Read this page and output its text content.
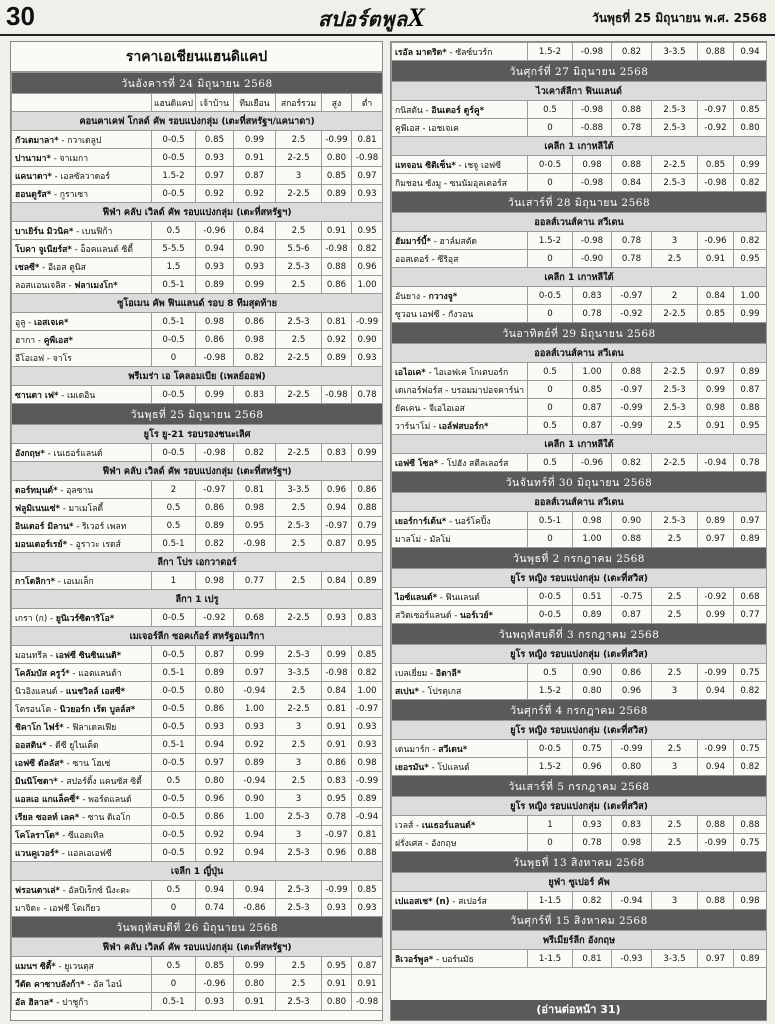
30	สปอร์ตพูลX	วันพุธที่ 25 มิถุนายน พ.ศ. 2568
ราคาเอเชียนแฮนดิแคป
วันอังคารที่ 24 มิถุนายน 2568						
	แฮนดิแคป	เจ้าบ้าน	ทีมเยือน	สกอร์รวม	สูง	ต่ำ
คอนคาเคฟ โกลด์ คัพ รอบแบ่งกลุ่ม (เตะที่สหรัฐฯ/แคนาดา)						
กัวเตมาลา* - กวาเดลูป	0-0.5	0.85	0.99	2.5	-0.99	0.81
ปานามา* - จาเมกา	0-0.5	0.93	0.91	2-2.5	0.80	-0.98
แคนาดา* - เอลซัลวาดอร์	1.5-2	0.97	0.87	3	0.85	0.97
ฮอนดูรัส* - กูราเซา	0-0.5	0.92	0.92	2-2.5	0.89	0.93
ฟีฟ่า คลับ เวิลด์ คัพ รอบแบ่งกลุ่ม (เตะที่สหรัฐฯ)						
บาเยิร์น มิวนิค* - เบนฟิก้า	0.5	-0.96	0.84	2.5	0.91	0.95
โบคา จูเนียร์ส* - อ็อคแลนด์ ซิตี้	5-5.5	0.94	0.90	5.5-6	-0.98	0.82
เชลซี* - อีเอส ตูนิส	1.5	0.93	0.93	2.5-3	0.88	0.96
ลอสแอนเจลิส - ฟลาเมงโก*	0.5-1	0.89	0.99	2.5	0.86	1.00
ซูโอเมน คัพ ฟินแลนด์ รอบ 8 ทีมสุดท้าย						
อูลู - เอสเจเค*	0.5-1	0.98	0.86	2.5-3	0.81	-0.99
ฮากา - คูพีเอส*	0-0.5	0.86	0.98	2.5	0.92	0.90
อีโอเอฟ - จาโร	0	-0.98	0.82	2-2.5	0.89	0.93
พรีเมร่า เอ โคลอมเบีย (เพลย์ออฟ)						
ซานตา เฟ* - เมเดอิน	0-0.5	0.99	0.83	2-2.5	-0.98	0.78
วันพุธที่ 25 มิถุนายน 2568						
ยูโร ยู-21 รอบรองชนะเลิศ						
อังกฤษ* - เนเธอร์แลนด์	0-0.5	-0.98	0.82	2-2.5	0.83	0.99
ฟีฟ่า คลับ เวิลด์ คัพ รอบแบ่งกลุ่ม (เตะที่สหรัฐฯ)						
ดอร์ทมุนด์* - อุลซาน	2	-0.97	0.81	3-3.5	0.96	0.86
ฟลูมิเนนเซ่* - มาเมโลดี้	0.5	0.86	0.98	2.5	0.94	0.88
อินเตอร์ มิลาน* - ริเวอร์ เพลท	0.5	0.89	0.95	2.5-3	-0.97	0.79
มอนเตอร์เรย์* - อูราวะ เรดส์	0.5-1	0.82	-0.98	2.5	0.87	0.95
ลีกา โปร เอกวาดอร์						
กาโตลิกา* - เอเมเล็ก	1	0.98	0.77	2.5	0.84	0.89
ลีกา 1 เปรู						
เกรา (ก) - ยูนิเวร์ซิตาริโอ*	0-0.5	-0.92	0.68	2-2.5	0.93	0.83
เมเจอร์ลีก ซอคเก้อร์ สหรัฐอเมริกา						
มอนทรีล - เอฟซี ซินซินเนติ*	0-0.5	0.87	0.99	2.5-3	0.99	0.85
โคลัมบัส ครูว์* - แอตแลนต้า	0.5-1	0.89	0.97	3-3.5	-0.98	0.82
นิวอิงแลนด์ - แนชวิลล์ เอสซี*	0-0.5	0.80	-0.94	2.5	0.84	1.00
โตรอนโต - นิวยอร์ก เร้ด บูลล์ส*	0-0.5	0.86	1.00	2-2.5	0.81	-0.97
ชิคาโก ไฟร์* - ฟิลาเดลเฟีย	0-0.5	0.93	0.93	3	0.91	0.93
ออสติน* - ดีซี ยูไนเต็ด	0.5-1	0.94	0.92	2.5	0.91	0.93
เอฟซี ดัลลัส* - ซาน โฮเซ่	0-0.5	0.97	0.89	3	0.86	0.98
มินนิโซตา* - สปอร์ติ้ง แคนซัส ซิตี้	0.5	0.80	-0.94	2.5	0.83	-0.99
แอลเอ แกแล็คซี่* - พอร์ตแลนด์	0-0.5	0.96	0.90	3	0.95	0.89
เรียล ซอลท์ เลค* - ซาน ดิเอโก	0-0.5	0.86	1.00	2.5-3	0.78	-0.94
โคโลราโด* - ซีแอตเทิล	0-0.5	0.92	0.94	3	-0.97	0.81
แวนคูเวอร์* - แอลเอเอฟซี	0-0.5	0.92	0.94	2.5-3	0.96	0.88
เจลีก 1 ญี่ปุ่น						
ฟรอนตาเล่* - อัลบิเร็กซ์ นีงะตะ	0.5	0.94	0.94	2.5-3	-0.99	0.85
มาจิดะ - เอฟซี โตเกียว	0	0.74	-0.86	2.5-3	0.93	0.93
วันพฤหัสบดีที่ 26 มิถุนายน 2568						
ฟีฟ่า คลับ เวิลด์ คัพ รอบแบ่งกลุ่ม (เตะที่สหรัฐฯ)						
แมนฯ ซิตี้* - ยูเวนตุส	0.5	0.85	0.99	2.5	0.95	0.87
วีดัด คาซาบลังก้า* - อัล ไอน์	0	-0.96	0.80	2.5	0.91	0.91
อัล ฮิลาล* - ปาชูก้า	0.5-1	0.93	0.91	2.5-3	0.80	-0.98
เรอัล มาดริด* - ซัลซ์บวร์ก	1.5-2	-0.98	0.82	3-3.5	0.88	0.94
วันศุกร์ที่ 27 มิถุนายน 2568						
ไวเคาส์ลีกา ฟินแลนด์						
กนิสตัน - อินเตอร์ ตูร์คู*	0.5	-0.98	0.88	2.5-3	-0.97	0.85
คูพีเอส - เอชเจเค	0	-0.88	0.78	2.5-3	-0.92	0.80
เคลีก 1 เกาหลีใต้						
แทจอน ซิติเซ็น* - เชจู เอฟซี	0-0.5	0.98	0.88	2-2.5	0.85	0.99
กิมชอน ซังมู - ซนนัมอุลเตอร์ส	0	-0.98	0.84	2.5-3	-0.98	0.82
วันเสาร์ที่ 28 มิถุนายน 2568						
ออลส์เวนส์คาน สวีเดน						
ฮัมมาร์บี้* - ฮาล์มสตัด	1.5-2	-0.98	0.78	3	-0.96	0.82
ออสเตอร์ - ซีริอุส	0	-0.90	0.78	2.5	0.91	0.95
เคลีก 1 เกาหลีใต้						
อันยาง - กวางจู*	0-0.5	0.83	-0.97	2	0.84	1.00
ซูวอน เอฟซี - กังวอน	0	0.78	-0.92	2-2.5	0.85	0.99
วันอาทิตย์ที่ 29 มิถุนายน 2568						
ออลส์เวนส์คาน สวีเดน						
เอไอเค* - ไอเอฟเค โกเตบอร์ก	0.5	1.00	0.88	2-2.5	0.97	0.89
เดเกอร์ฟอร์ส - บรอมมาปอจคาร์น่า	0	0.85	-0.97	2.5-3	0.99	0.87
ยัคเคน - จีเอไอเอส	0	0.87	-0.99	2.5-3	0.98	0.88
วาร์นาโม่ - เอล์ฟสบอร์ก*	0.5	0.87	-0.99	2.5	0.91	0.95
เคลีก 1 เกาหลีใต้						
เอฟซี โซล* - โปฮัง สตีลเลอร์ส	0.5	-0.96	0.82	2-2.5	-0.94	0.78
วันจันทร์ที่ 30 มิถุนายน 2568						
ออลส์เวนส์คาน สวีเดน						
เยอร์การ์เด้น* - นอร์โคปิ้ง	0.5-1	0.98	0.90	2.5-3	0.89	0.97
มาลโม่ - มัลโม่	0	1.00	0.88	2.5	0.97	0.89
วันพุธที่ 2 กรกฎาคม 2568						
ยูโร หญิง รอบแบ่งกลุ่ม (เตะที่สวิส)						
ไอซ์แลนด์* - ฟินแลนด์	0-0.5	0.51	-0.75	2.5	-0.92	0.68
สวิตเซอร์แลนด์ - นอร์เวย์*	0-0.5	0.89	0.87	2.5	0.99	0.77
วันพฤหัสบดีที่ 3 กรกฎาคม 2568						
ยูโร หญิง รอบแบ่งกลุ่ม (เตะที่สวิส)						
เบลเยี่ยม - อิตาลี*	0.5	0.90	0.86	2.5	-0.99	0.75
สเปน* - โปรตุเกส	1.5-2	0.80	0.96	3	0.94	0.82
วันศุกร์ที่ 4 กรกฎาคม 2568						
ยูโร หญิง รอบแบ่งกลุ่ม (เตะที่สวิส)						
เดนมาร์ก - สวีเดน*	0-0.5	0.75	-0.99	2.5	-0.99	0.75
เยอรมัน* - โปแลนด์	1.5-2	0.96	0.80	3	0.94	0.82
วันเสาร์ที่ 5 กรกฎาคม 2568						
ยูโร หญิง รอบแบ่งกลุ่ม (เตะที่สวิส)						
เวลส์ - เนเธอร์แลนด์*	1	0.93	0.83	2.5	0.88	0.88
ฝรั่งเศส - อังกฤษ	0	0.78	0.98	2.5	-0.99	0.75
วันพุธที่ 13 สิงหาคม 2568						
ยูฟ่า ซูเปอร์ คัพ						
เปแอสเช* (n) - สเปอร์ส	1-1.5	0.82	-0.94	3	0.88	0.98
วันศุกร์ที่ 15 สิงหาคม 2568						
พรีเมียร์ลีก อังกฤษ						
ลิเวอร์พูล* - บอร์นมัธ	1-1.5	0.81	-0.93	3-3.5	0.97	0.89
(อ่านต่อหน้า 31)
